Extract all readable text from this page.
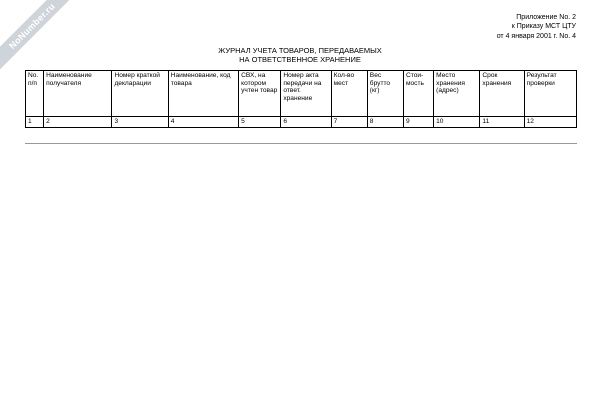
NoNumber.ru	Приложение No. 2
к Приказу МСТ ЦТУ
от 4 января 2001 г. No. 4
ЖУРНАЛ УЧЕТА ТОВАРОВ, ПЕРЕДАВАЕМЫХ
НА ОТВЕТСТВЕННОЕ ХРАНЕНИЕ
No. п/п	Наименование получателя	Номер краткой декларации	Наименование, код товара	СВХ, на котором учтен товар	Номер акта передачи на ответ. хранение	Кол-во мест	Вес брутто (кг)	Стои- мость	Место хранения (адрес)	Срок хранения	Результат проверки
1	2	3	4	5	6	7	8	9	10	11	12
